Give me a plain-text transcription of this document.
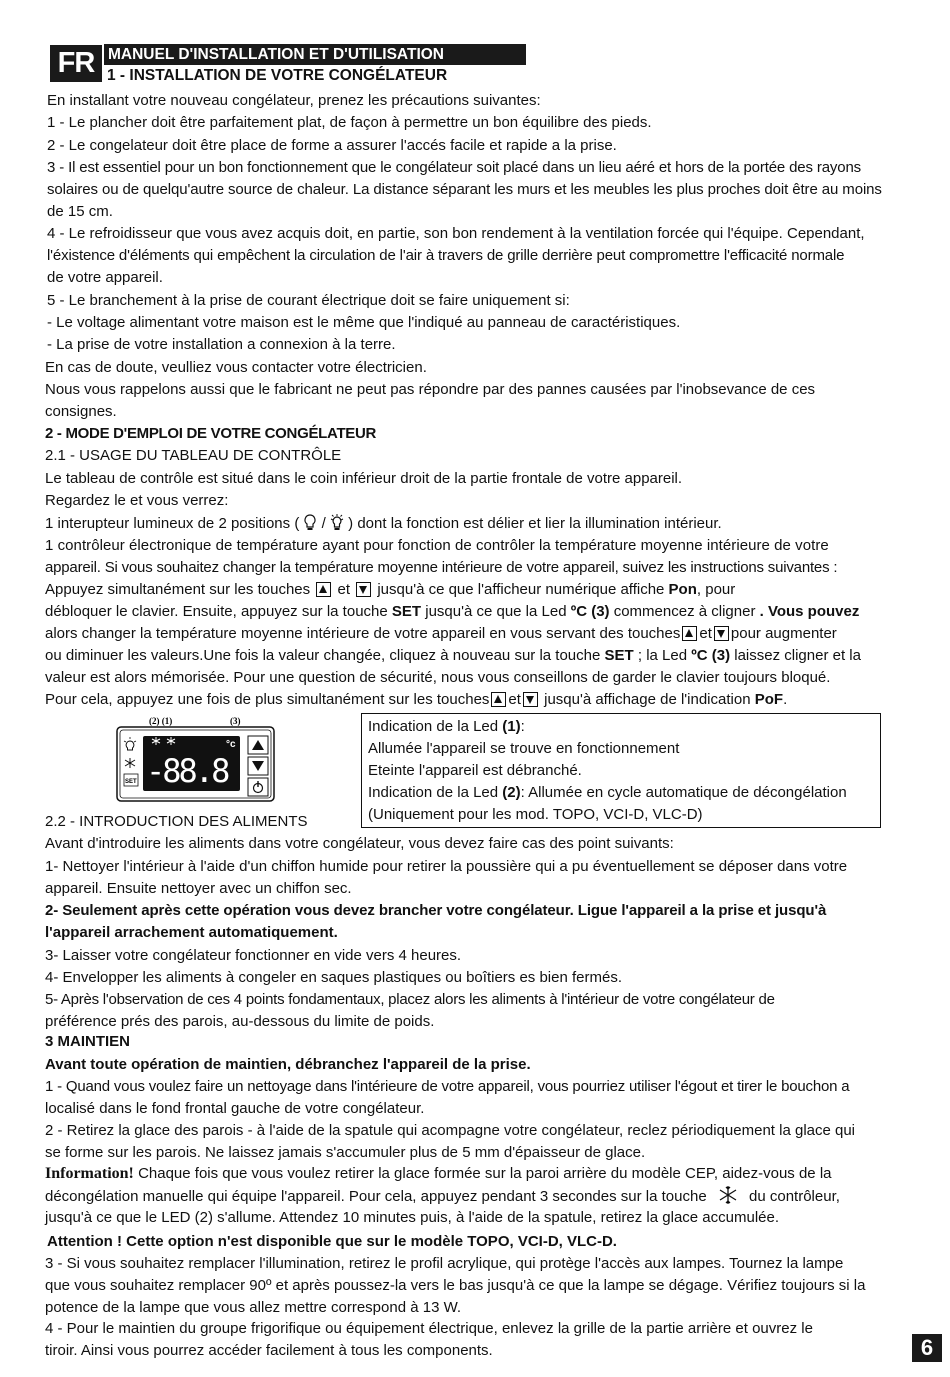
FR MANUEL D'INSTALLATION ET D'UTILISATION
1 - INSTALLATION DE VOTRE CONGÉLATEUR
En installant votre nouveau congélateur, prenez les précautions suivantes:
1 - Le plancher doit être parfaitement plat, de façon à permettre un bon équilibre des pieds.
2 - Le congelateur doit être place de forme a assurer l'accés facile et rapide a la prise.
3 - Il est essentiel pour un bon fonctionnement que le congélateur soit placé dans un lieu aéré et hors de la portée des rayons
solaires ou de quelqu'autre source de chaleur. La distance séparant les murs et les meubles les plus proches doit être au moins
de 15 cm.
4 - Le refroidisseur que vous avez acquis doit, en partie, son bon rendement à la ventilation forcée qui l'équipe. Cependant,
l'éxistence d'éléments qui empêchent la circulation de l'air à travers de grille derrière peut compromettre l'efficacité normale
de votre appareil.
5 - Le branchement à la prise de courant électrique doit se faire uniquement si:
- Le voltage alimentant votre maison est le même que l'indiqué au panneau de caractéristiques.
- La prise de votre installation a connexion à la terre.
En cas de doute, veulliez vous contacter votre électricien.
Nous vous rappelons aussi que le fabricant ne peut pas répondre par des pannes causées par l'inobsevance de ces
consignes.
2 - MODE D'EMPLOI DE VOTRE CONGÉLATEUR
2.1 - USAGE DU TABLEAU DE CONTRÔLE
Le tableau de contrôle est situé dans le coin inférieur droit de la partie frontale de votre appareil.
Regardez le et vous verrez:
1 interupteur lumineux de 2 positions ( / ) dont la fonction est délier et lier la illumination intérieur.
1 contrôleur électronique de température ayant pour fonction de contrôler la température moyenne intérieure de votre
appareil. Si vous souhaitez changer la température moyenne intérieure de votre appareil, suivez les instructions suivantes :
Appuyez simultanément sur les touches et jusqu'à ce que l'afficheur numérique affiche Pon, pour
débloquer le clavier. Ensuite, appuyez sur la touche SET jusqu'à ce que la Led ºC (3) commencez à cligner . Vous pouvez
alors changer la température moyenne intérieure de votre appareil en vous servant des touches et pour augmenter
ou diminuer les valeurs.Une fois la valeur changée, cliquez à nouveau sur la touche SET ; la Led ºC (3) laissez cligner et la
valeur est alors mémorisée. Pour une question de sécurité, nous vous conseillons de garder le clavier toujours bloqué.
Pour cela, appuyez une fois de plus simultanément sur les touches et jusqu'à affichage de l'indication PoF.
(2) (1)	(3)
SET -88.8
°c
Indication de la Led (1):
Allumée l'appareil se trouve en fonctionnement
Eteinte l'appareil est débranché.
Indication de la Led (2): Allumée en cycle automatique de décongélation
(Uniquement pour les mod. TOPO, VCI-D, VLC-D)
2.2 - INTRODUCTION DES ALIMENTS
Avant d'introduire les aliments dans votre congélateur, vous devez faire cas des point suivants:
1- Nettoyer l'intérieur à l'aide d'un chiffon humide pour retirer la poussière qui a pu éventuellement se déposer dans votre
appareil. Ensuite nettoyer avec un chiffon sec.
2- Seulement après cette opération vous devez brancher votre congélateur. Ligue l'appareil a la prise et jusqu'à
l'appareil arrachement automatiquement.
3- Laisser votre congélateur fonctionner en vide vers 4 heures.
4- Envelopper les aliments à congeler en saques plastiques ou boîtiers es bien fermés.
5- Après l'observation de ces 4 points fondamentaux, placez alors les aliments à l'intérieur de votre congélateur de
préférence prés des parois, au-dessous du limite de poids.
3 MAINTIEN
Avant toute opération de maintien, débranchez l'appareil de la prise.
1 - Quand vous voulez faire un nettoyage dans l'intérieure de votre appareil, vous pourriez utiliser l'égout et tirer le bouchon a
localisé dans le fond frontal gauche de votre congélateur.
2 - Retirez la glace des parois - à l'aide de la spatule qui acompagne votre congélateur, reclez périodiquement la glace qui
se forme sur les parois. Ne laissez jamais s'accumuler plus de 5 mm d'épaisseur de glace.
Information! Chaque fois que vous voulez retirer la glace formée sur la paroi arrière du modèle CEP, aidez-vous de la
décongélation manuelle qui équipe l'appareil. Pour cela, appuyez pendant 3 secondes sur la touche	du contrôleur,
jusqu'à ce que le LED (2) s'allume. Attendez 10 minutes puis, à l'aide de la spatule, retirez la glace accumulée.
Attention ! Cette option n'est disponible que sur le modèle TOPO, VCI-D, VLC-D.
3 - Si vous souhaitez remplacer l'illumination, retirez le profil acrylique, qui protège l'accès aux lampes. Tournez la lampe
que vous souhaitez remplacer 90º et après poussez-la vers le bas jusqu'à ce que la lampe se dégage. Vérifiez toujours si la
potence de la lampe que vous allez mettre correspond à 13 W.
4 - Pour le maintien du groupe frigorifique ou équipement électrique, enlevez la grille de la partie arrière et ouvrez le
tiroir. Ainsi vous pourrez accéder facilement à tous les components.	6
